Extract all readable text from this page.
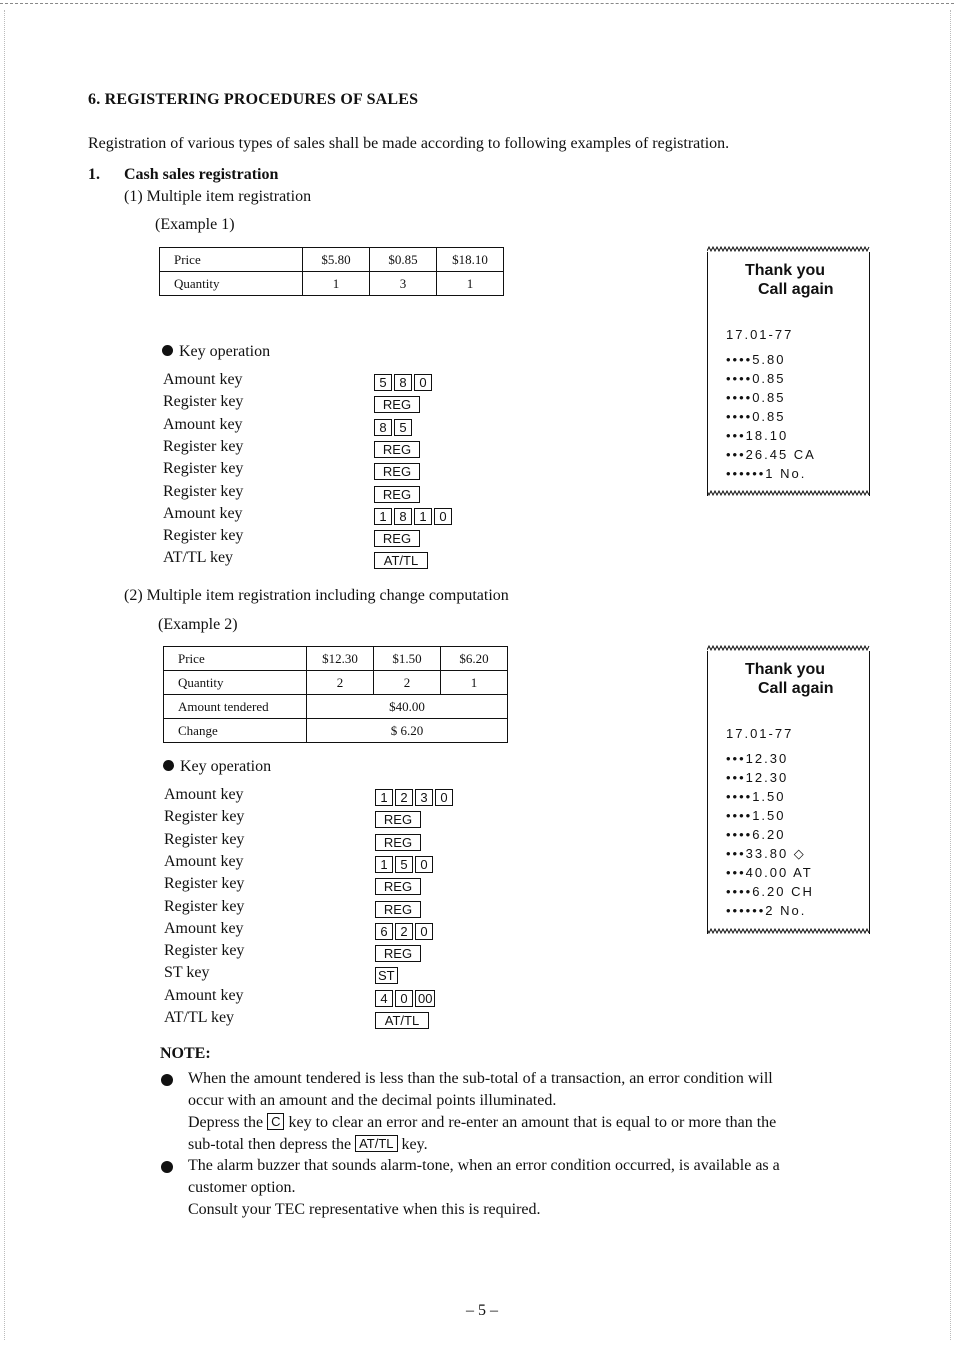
6. REGISTERING PROCEDURES OF SALES
Registration of various types of sales shall be made according to following examples of registration.
1. Cash sales registration
(1) Multiple item registration
(Example 1)
Price	$5.80	$0.85	$18.10
Quantity	1	3	1
Key operation
Amount key	5 8 0
Register key	REG
Amount key	8 5
Register key	REG
Register key	REG
Register key	REG
Amount key	1 8 1 0
Register key	REG
AT/TL key	AT/TL
Thank you
Call again
17.01-77
••••5.80
••••0.85
••••0.85
••••0.85
•••18.10
•••26.45 CA
••••••1 No.
(2) Multiple item registration including change computation
(Example 2)
Price	$12.30	$1.50	$6.20
Quantity	2	2	1
Amount tendered	$40.00		
Change	$ 6.20		
Key operation
Amount key	1 2 3 0
Register key	REG
Register key	REG
Amount key	1 5 0
Register key	REG
Register key	REG
Amount key	6 2 0
Register key	REG
ST key	ST
Amount key	4 0 00
AT/TL key	AT/TL
Thank you
Call again
17.01-77
•••12.30
•••12.30
••••1.50
••••1.50
••••6.20
•••33.80 ◇
•••40.00 AT
••••6.20 CH
••••••2 No.
NOTE:
When the amount tendered is less than the sub-total of a transaction, an error condition will
occur with an amount and the decimal points illuminated.
Depress the C key to clear an error and re-enter an amount that is equal to or more than the
sub-total then depress the AT/TL key.
The alarm buzzer that sounds alarm-tone, when an error condition occurred, is available as a
customer option.
Consult your TEC representative when this is required.
– 5 –
